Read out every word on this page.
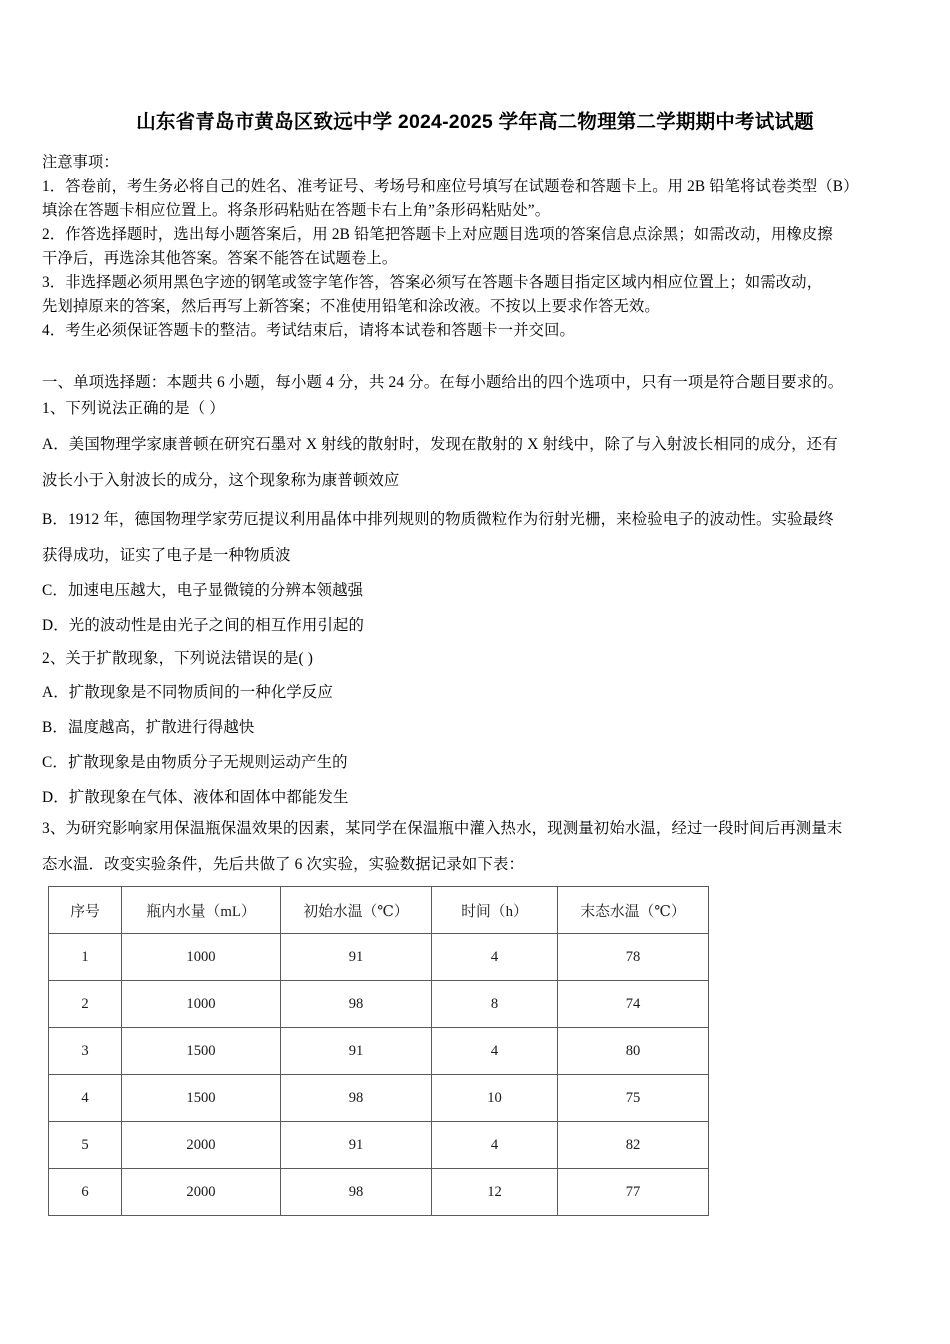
山东省青岛市黄岛区致远中学 2024-2025 学年高二物理第二学期期中考试试题
注意事项：
1．答卷前，考生务必将自己的姓名、准考证号、考场号和座位号填写在试题卷和答题卡上。用 2B 铅笔将试卷类型（B）
填涂在答题卡相应位置上。将条形码粘贴在答题卡右上角”条形码粘贴处”。
2．作答选择题时，选出每小题答案后，用 2B 铅笔把答题卡上对应题目选项的答案信息点涂黑；如需改动，用橡皮擦
干净后，再选涂其他答案。答案不能答在试题卷上。
3．非选择题必须用黑色字迹的钢笔或签字笔作答，答案必须写在答题卡各题目指定区域内相应位置上；如需改动，
先划掉原来的答案，然后再写上新答案；不准使用铅笔和涂改液。不按以上要求作答无效。
4．考生必须保证答题卡的整洁。考试结束后，请将本试卷和答题卡一并交回。
一、单项选择题：本题共 6 小题，每小题 4 分，共 24 分。在每小题给出的四个选项中，只有一项是符合题目要求的。
1、下列说法正确的是（ ）
A．美国物理学家康普顿在研究石墨对 X 射线的散射时，发现在散射的 X 射线中，除了与入射波长相同的成分，还有
波长小于入射波长的成分，这个现象称为康普顿效应
B．1912 年，德国物理学家劳厄提议利用晶体中排列规则的物质微粒作为衍射光栅，来检验电子的波动性。实验最终
获得成功，证实了电子是一种物质波
C．加速电压越大，电子显微镜的分辨本领越强
D．光的波动性是由光子之间的相互作用引起的
2、关于扩散现象，下列说法错误的是( )
A．扩散现象是不同物质间的一种化学反应
B．温度越高，扩散进行得越快
C．扩散现象是由物质分子无规则运动产生的
D．扩散现象在气体、液体和固体中都能发生
3、为研究影响家用保温瓶保温效果的因素，某同学在保温瓶中灌入热水，现测量初始水温，经过一段时间后再测量末
态水温．改变实验条件，先后共做了 6 次实验，实验数据记录如下表：
序号	瓶内水量（mL）	初始水温（℃）	时间（h）	末态水温（℃）
1	1000	91	4	78
2	1000	98	8	74
3	1500	91	4	80
4	1500	98	10	75
5	2000	91	4	82
6	2000	98	12	77
